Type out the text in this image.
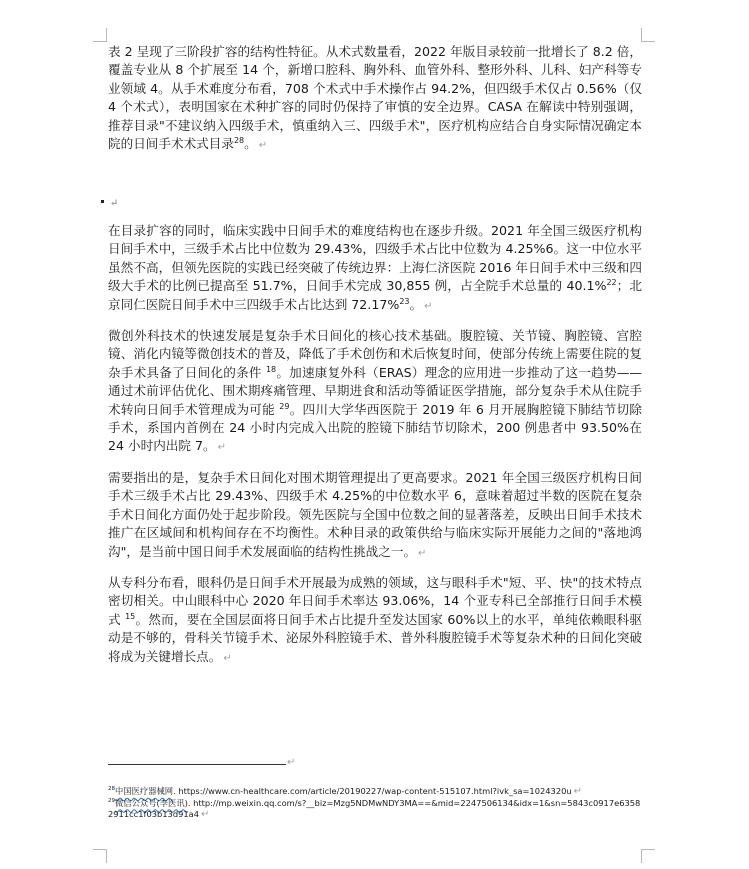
表 2 呈现了三阶段扩容的结构性特征。从术式数量看，2022 年版目录较前一批增长了 8.2 倍，覆盖专业从 8 个扩展至 14 个，新增口腔科、胸外科、血管外科、整形外科、儿科、妇产科等专业领域 4。从手术难度分布看，708 个术式中手术操作占 94.2%，但四级手术仅占 0.56%（仅 4 个术式），表明国家在术种扩容的同时仍保持了审慎的安全边界。CASA 在解读中特别强调，推荐目录"不建议纳入四级手术，慎重纳入三、四级手术"，医疗机构应结合自身实际情况确定本院的日间手术术式目录$^{28}$。 ↵

↵

在目录扩容的同时，临床实践中日间手术的难度结构也在逐步升级。2021 年全国三级医疗机构日间手术中，三级手术占比中位数为 29.43%，四级手术占比中位数为 4.25%6。这一中位水平虽然不高，但领先医院的实践已经突破了传统边界：上海仁济医院 2016 年日间手术中三级和四级大手术的比例已提高至 51.7%，日间手术完成 30,855 例，占全院手术总量的 40.1%$^{22}$；北京同仁医院日间手术中三四级手术占比达到 72.17%$^{23}$。 ↵

微创外科技术的快速发展是复杂手术日间化的核心技术基础。腹腔镜、关节镜、胸腔镜、宫腔镜、消化内镜等微创技术的普及，降低了手术创伤和术后恢复时间，使部分传统上需要住院的复杂手术具备了日间化的条件 $^{18}$。加速康复外科（ERAS）理念的应用进一步推动了这一趋势——通过术前评估优化、围术期疼痛管理、早期进食和活动等循证医学措施，部分复杂手术从住院手术转向日间手术管理成为可能 $^{29}$。四川大学华西医院于 2019 年 6 月开展胸腔镜下肺结节切除手术，系国内首例在 24 小时内完成入出院的腔镜下肺结节切除术，200 例患者中 93.50%在 24 小时内出院 7。 ↵

需要指出的是，复杂手术日间化对围术期管理提出了更高要求。2021 年全国三级医疗机构日间手术三级手术占比 29.43%、四级手术 4.25%的中位数水平 6，意味着超过半数的医院在复杂手术日间化方面仍处于起步阶段。领先医院与全国中位数之间的显著落差，反映出日间手术技术推广在区域间和机构间存在不均衡性。术种目录的政策供给与临床实际开展能力之间的"落地鸿沟"，是当前中国日间手术发展面临的结构性挑战之一。 ↵

从专科分布看，眼科仍是日间手术开展最为成熟的领域，这与眼科手术"短、平、快"的技术特点密切相关。中山眼科中心 2020 年日间手术率达 93.06%，14 个亚专科已全部推行日间手术模式 $^{15}$。然而，要在全国层面将日间手术占比提升至发达国家 60%以上的水平，单纯依赖眼科驱动是不够的，骨科关节镜手术、泌尿外科腔镜手术、普外科腹腔镜手术等复杂术种的日间化突破将成为关键增长点。 ↵

↵

$^{28}$中国医疗器械网. https://www.cn-healthcare.com/article/20190227/wap-content-515107.html?ivk_sa=1024320u ↵

$^{29}$微信公众号(李医讯). http://mp.weixin.qq.com/s?__biz=Mzg5NDMwNDY3MA==&mid=2247506134&idx=1&sn=5843c0917e63582911cc1f03b13d91a4 ↵
